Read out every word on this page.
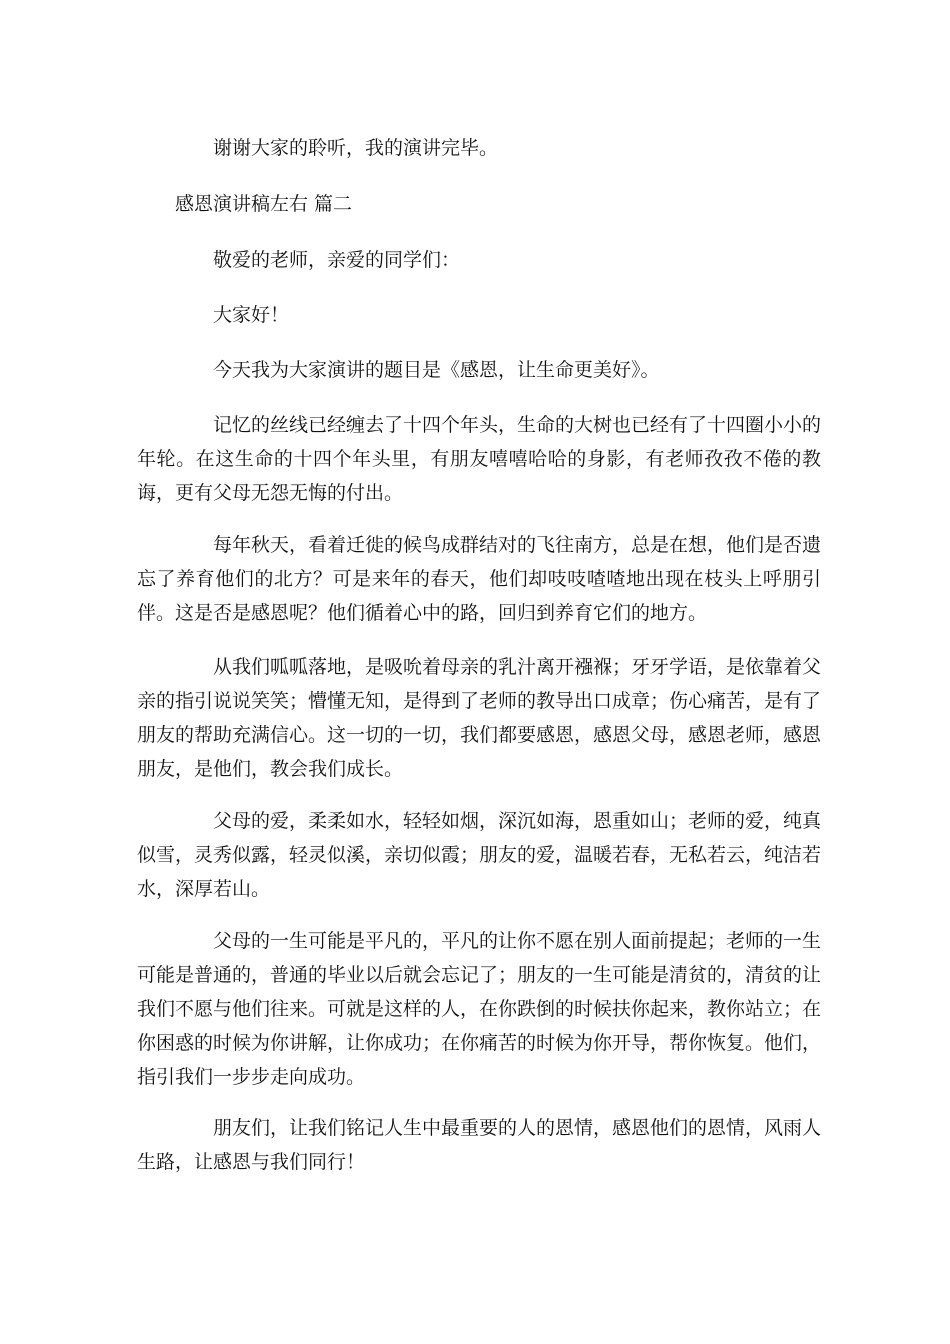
谢谢大家的聆听，我的演讲完毕。

感恩演讲稿左右 篇二

敬爱的老师，亲爱的同学们：

大家好！

今天我为大家演讲的题目是《感恩，让生命更美好》。

记忆的丝线已经缠去了十四个年头，生命的大树也已经有了十四圈小小的年轮。在这生命的十四个年头里，有朋友嘻嘻哈哈的身影，有老师孜孜不倦的教诲，更有父母无怨无悔的付出。

每年秋天，看着迁徙的候鸟成群结对的飞往南方，总是在想，他们是否遗忘了养育他们的北方？可是来年的春天，他们却吱吱喳喳地出现在枝头上呼朋引伴。这是否是感恩呢？他们循着心中的路，回归到养育它们的地方。

从我们呱呱落地，是吸吮着母亲的乳汁离开襁褓；牙牙学语，是依靠着父亲的指引说说笑笑；懵懂无知，是得到了老师的教导出口成章；伤心痛苦，是有了朋友的帮助充满信心。这一切的一切，我们都要感恩，感恩父母，感恩老师，感恩朋友，是他们，教会我们成长。

父母的爱，柔柔如水，轻轻如烟，深沉如海，恩重如山；老师的爱，纯真似雪，灵秀似露，轻灵似溪，亲切似霞；朋友的爱，温暖若春，无私若云，纯洁若水，深厚若山。

父母的一生可能是平凡的，平凡的让你不愿在别人面前提起；老师的一生可能是普通的，普通的毕业以后就会忘记了；朋友的一生可能是清贫的，清贫的让我们不愿与他们往来。可就是这样的人，在你跌倒的时候扶你起来，教你站立；在你困惑的时候为你讲解，让你成功；在你痛苦的时候为你开导，帮你恢复。他们，指引我们一步步走向成功。

朋友们，让我们铭记人生中最重要的人的恩情，感恩他们的恩情，风雨人生路，让感恩与我们同行！
